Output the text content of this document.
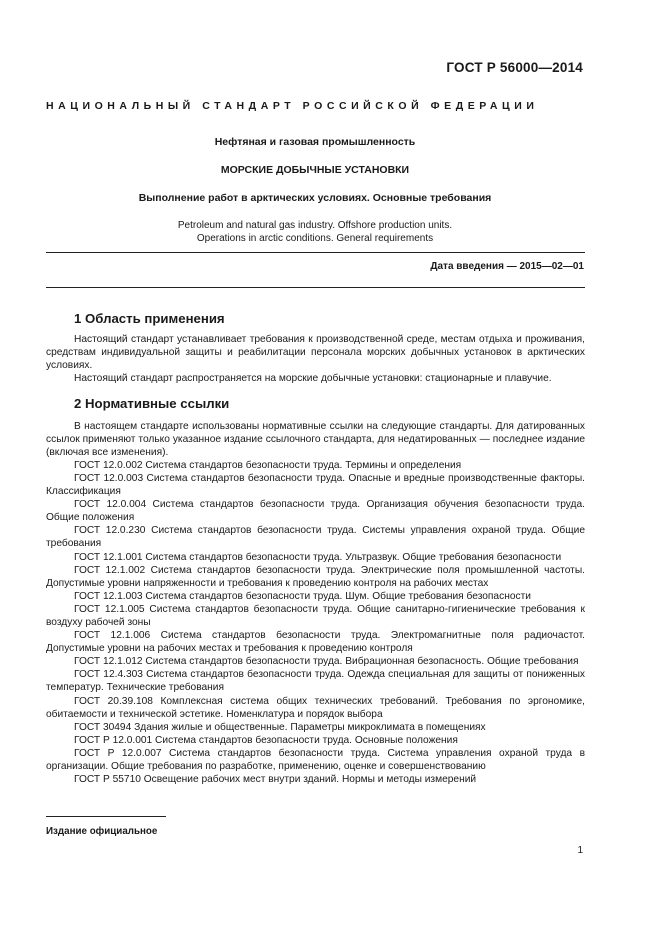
ГОСТ Р 56000—2014
НАЦИОНАЛЬНЫЙ СТАНДАРТ РОССИЙСКОЙ ФЕДЕРАЦИИ
Нефтяная и газовая промышленность
МОРСКИЕ ДОБЫЧНЫЕ УСТАНОВКИ
Выполнение работ в арктических условиях. Основные требования
Petroleum and natural gas industry. Offshore production units.
Operations in arctic conditions. General requirements
Дата введения — 2015—02—01
1 Область применения

Настоящий стандарт устанавливает требования к производственной среде, местам отдыха и проживания, средствам индивидуальной защиты и реабилитации персонала морских добычных установок в арктических условиях.

Настоящий стандарт распространяется на морские добычные установки: стационарные и плавучие.

2 Нормативные ссылки

В настоящем стандарте использованы нормативные ссылки на следующие стандарты. Для датированных ссылок применяют только указанное издание ссылочного стандарта, для недатированных — последнее издание (включая все изменения).

ГОСТ 12.0.002 Система стандартов безопасности труда. Термины и определения

ГОСТ 12.0.003 Система стандартов безопасности труда. Опасные и вредные производственные факторы. Классификация

ГОСТ 12.0.004 Система стандартов безопасности труда. Организация обучения безопасности труда. Общие положения

ГОСТ 12.0.230 Система стандартов безопасности труда. Системы управления охраной труда. Общие требования

ГОСТ 12.1.001 Система стандартов безопасности труда. Ультразвук. Общие требования безопасности

ГОСТ 12.1.002 Система стандартов безопасности труда. Электрические поля промышленной частоты. Допустимые уровни напряженности и требования к проведению контроля на рабочих местах

ГОСТ 12.1.003 Система стандартов безопасности труда. Шум. Общие требования безопасности

ГОСТ 12.1.005 Система стандартов безопасности труда. Общие санитарно-гигиенические требования к воздуху рабочей зоны

ГОСТ 12.1.006 Система стандартов безопасности труда. Электромагнитные поля радиочастот. Допустимые уровни на рабочих местах и требования к проведению контроля

ГОСТ 12.1.012 Система стандартов безопасности труда. Вибрационная безопасность. Общие требования

ГОСТ 12.4.303 Система стандартов безопасности труда. Одежда специальная для защиты от пониженных температур. Технические требования

ГОСТ 20.39.108 Комплексная система общих технических требований. Требования по эргономике, обитаемости и технической эстетике. Номенклатура и порядок выбора

ГОСТ 30494 Здания жилые и общественные. Параметры микроклимата в помещениях

ГОСТ Р 12.0.001 Система стандартов безопасности труда. Основные положения

ГОСТ Р 12.0.007 Система стандартов безопасности труда. Система управления охраной труда в организации. Общие требования по разработке, применению, оценке и совершенствованию

ГОСТ Р 55710 Освещение рабочих мест внутри зданий. Нормы и методы измерений

Издание официальное
1
